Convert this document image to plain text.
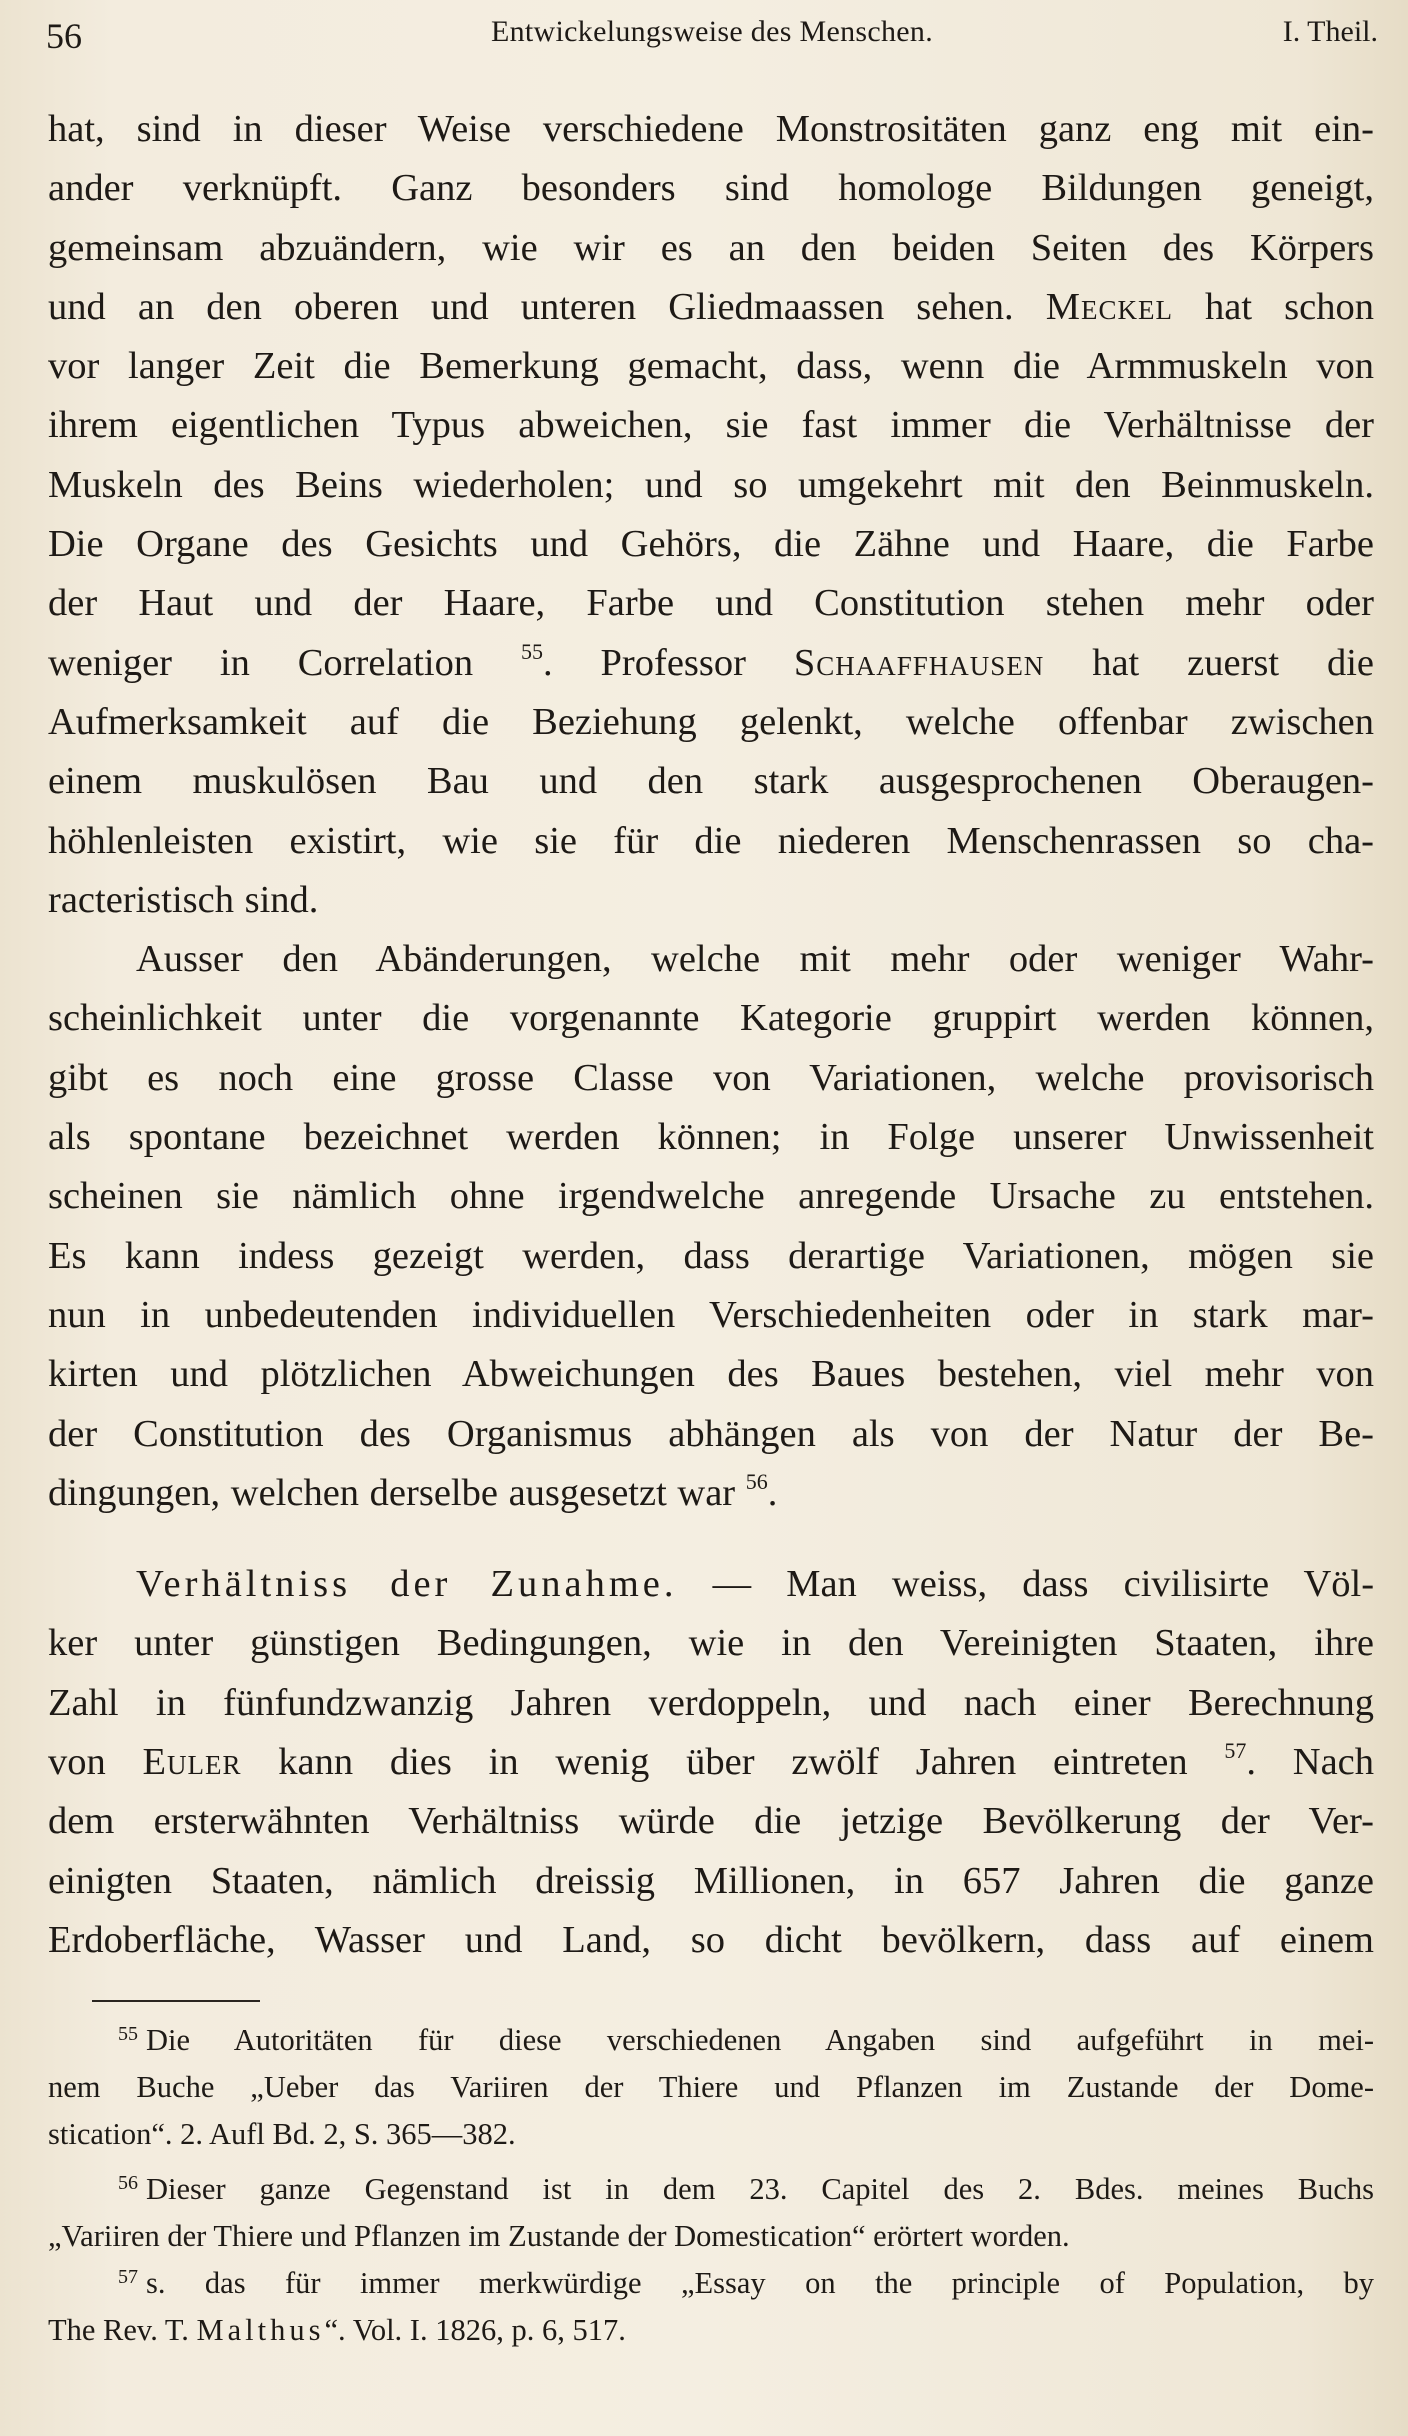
56	Entwickelungsweise des Menschen.	I. Theil.
hat, sind in dieser Weise verschiedene Monstrositäten ganz eng mit ein-
ander verknüpft. Ganz besonders sind homologe Bildungen geneigt,
gemeinsam abzuändern, wie wir es an den beiden Seiten des Körpers
und an den oberen und unteren Gliedmaassen sehen. Meckel hat schon
vor langer Zeit die Bemerkung gemacht, dass, wenn die Armmuskeln von
ihrem eigentlichen Typus abweichen, sie fast immer die Verhältnisse der
Muskeln des Beins wiederholen; und so umgekehrt mit den Beinmuskeln.
Die Organe des Gesichts und Gehörs, die Zähne und Haare, die Farbe
der Haut und der Haare, Farbe und Constitution stehen mehr oder
weniger in Correlation $^{55}$. Professor Schaaffhausen hat zuerst die
Aufmerksamkeit auf die Beziehung gelenkt, welche offenbar zwischen
einem muskulösen Bau und den stark ausgesprochenen Oberaugen-
höhlenleisten existirt, wie sie für die niederen Menschenrassen so cha-
racteristisch sind.
Ausser den Abänderungen, welche mit mehr oder weniger Wahr-
scheinlichkeit unter die vorgenannte Kategorie gruppirt werden können,
gibt es noch eine grosse Classe von Variationen, welche provisorisch
als spontane bezeichnet werden können; in Folge unserer Unwissenheit
scheinen sie nämlich ohne irgendwelche anregende Ursache zu entstehen.
Es kann indess gezeigt werden, dass derartige Variationen, mögen sie
nun in unbedeutenden individuellen Verschiedenheiten oder in stark mar-
kirten und plötzlichen Abweichungen des Baues bestehen, viel mehr von
der Constitution des Organismus abhängen als von der Natur der Be-
dingungen, welchen derselbe ausgesetzt war $^{56}$.
Verhältniss der Zunahme. — Man weiss, dass civilisirte Völ-
ker unter günstigen Bedingungen, wie in den Vereinigten Staaten, ihre
Zahl in fünfundzwanzig Jahren verdoppeln, und nach einer Berechnung
von Euler kann dies in wenig über zwölf Jahren eintreten $^{57}$. Nach
dem ersterwähnten Verhältniss würde die jetzige Bevölkerung der Ver-
einigten Staaten, nämlich dreissig Millionen, in 657 Jahren die ganze
Erdoberfläche, Wasser und Land, so dicht bevölkern, dass auf einem
$^{55}$ Die Autoritäten für diese verschiedenen Angaben sind aufgeführt in mei-
nem Buche „Ueber das Variiren der Thiere und Pflanzen im Zustande der Dome-
stication“. 2. Aufl Bd. 2, S. 365—382.
$^{56}$ Dieser ganze Gegenstand ist in dem 23. Capitel des 2. Bdes. meines Buchs
„Variiren der Thiere und Pflanzen im Zustande der Domestication“ erörtert worden.
$^{57}$ s. das für immer merkwürdige „Essay on the principle of Population, by
The Rev. T. Malthus“. Vol. I. 1826, p. 6, 517.
